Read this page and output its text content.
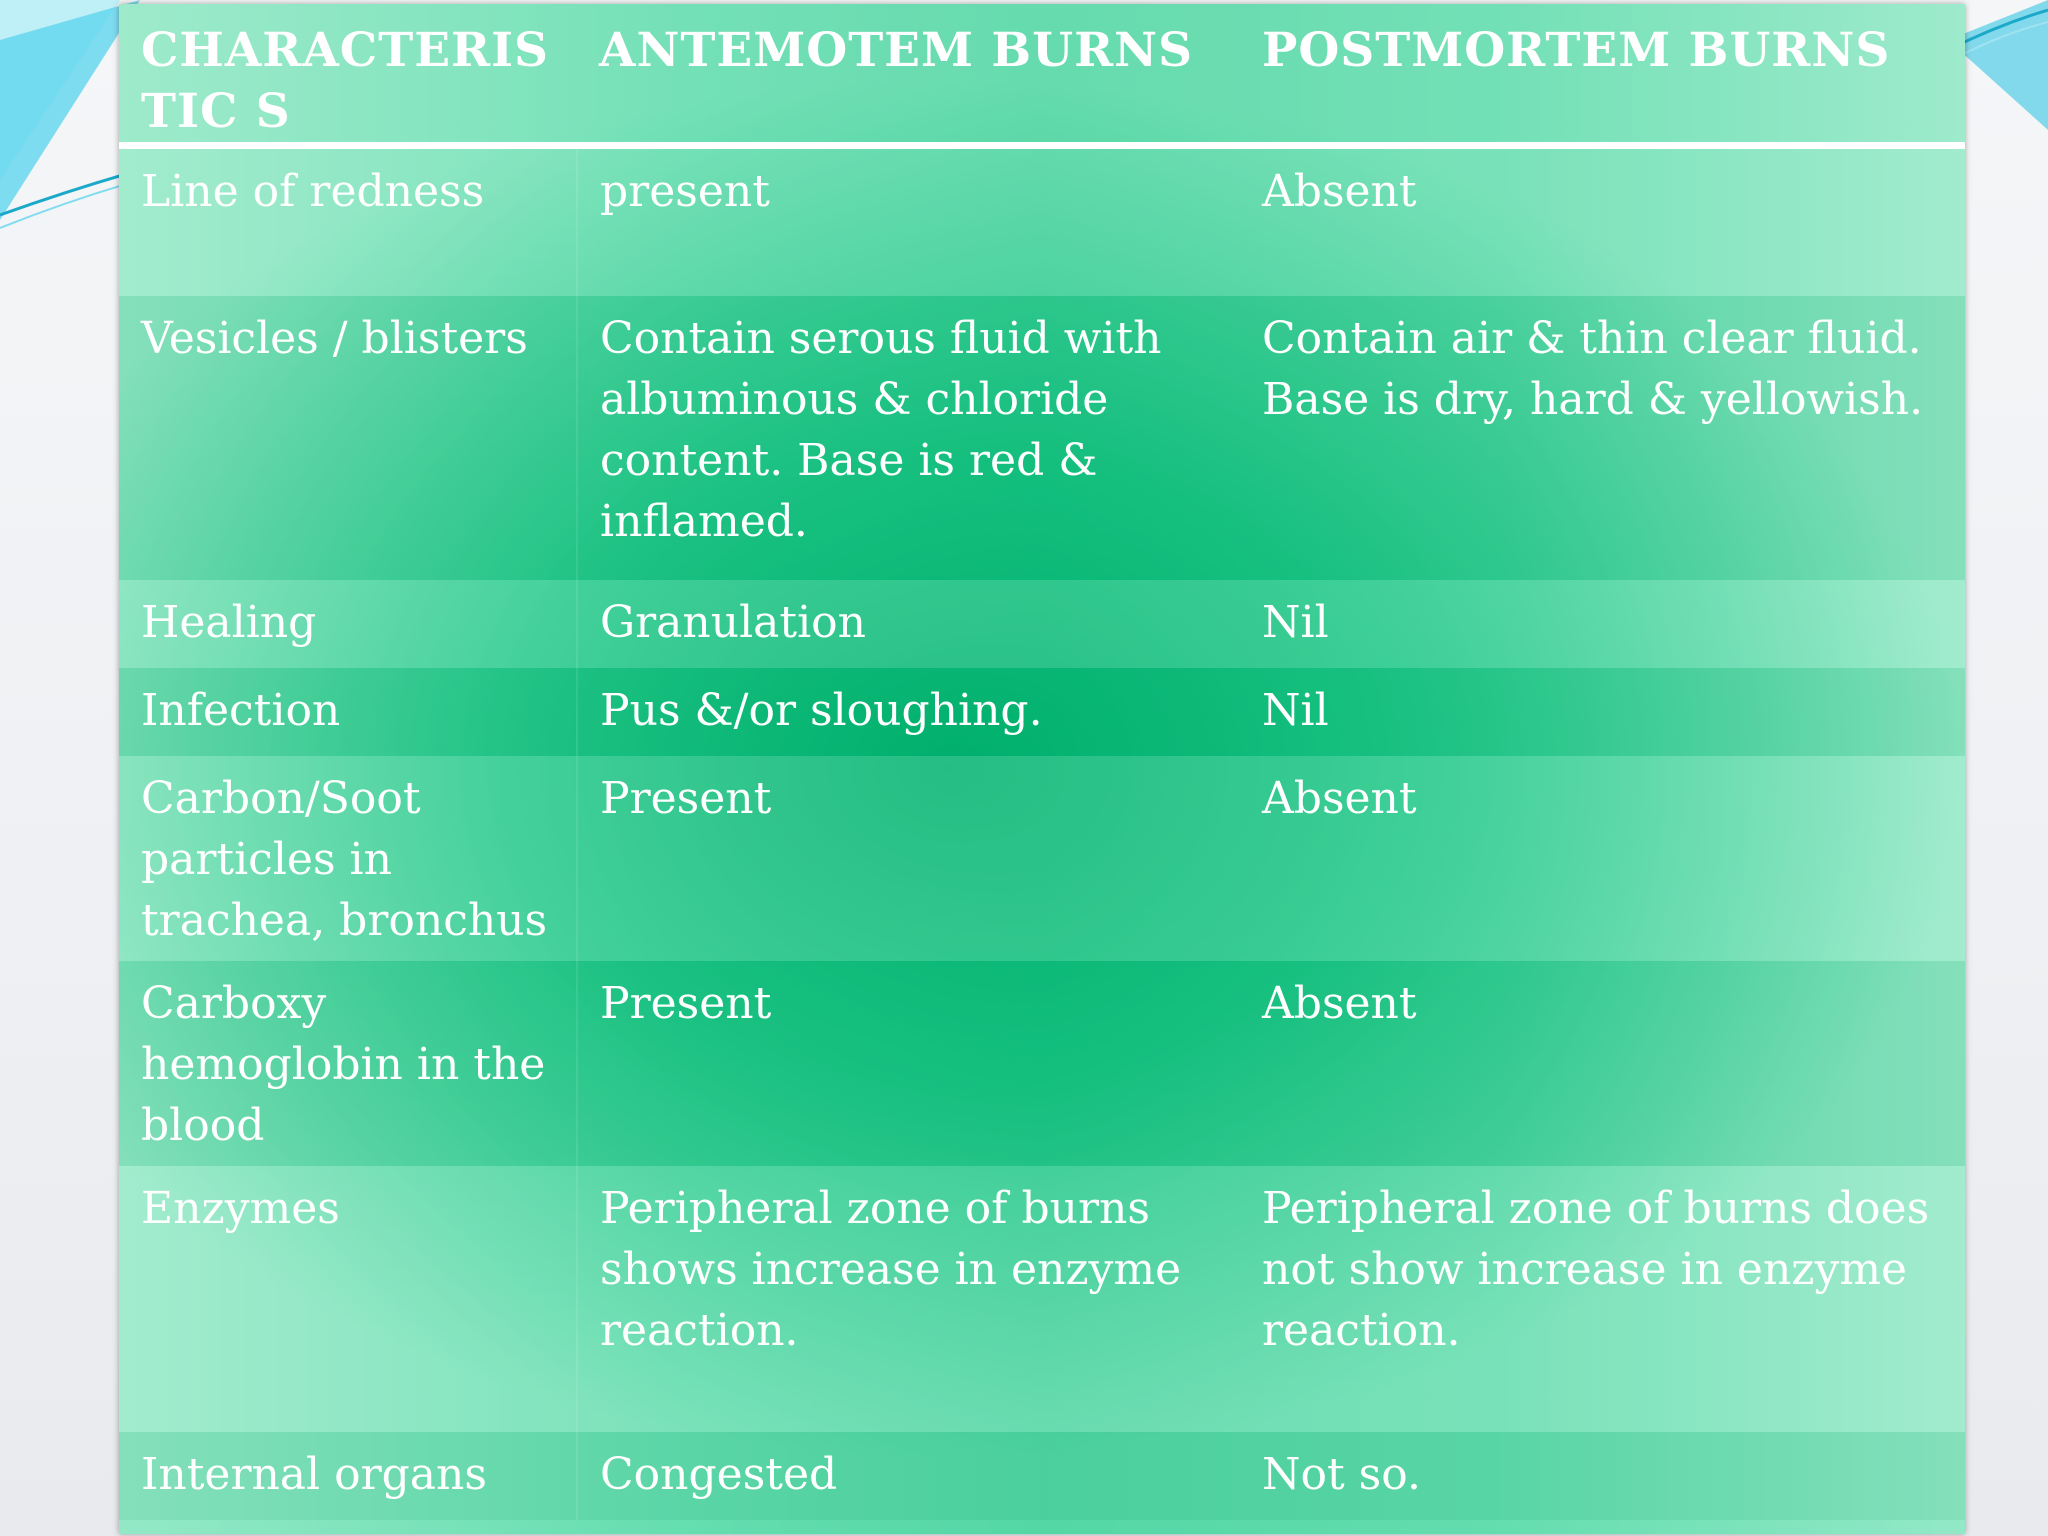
CHARACTERISTIC S	ANTEMOTEM BURNS	POSTMORTEM BURNS

Line of redness	present	Absent
Vesicles / blisters	Contain serous fluid with albuminous & chloride content. Base is red & inflamed.	Contain air & thin clear fluid. Base is dry, hard & yellowish.
Healing	Granulation	Nil
Infection	Pus &/or sloughing.	Nil
Carbon/Soot particles in trachea, bronchus	Present	Absent
Carboxy hemoglobin in the blood	Present	Absent
Enzymes	Peripheral zone of burns shows increase in enzyme reaction.	Peripheral zone of burns does not show increase in enzyme reaction.
Internal organs	Congested	Not so.
